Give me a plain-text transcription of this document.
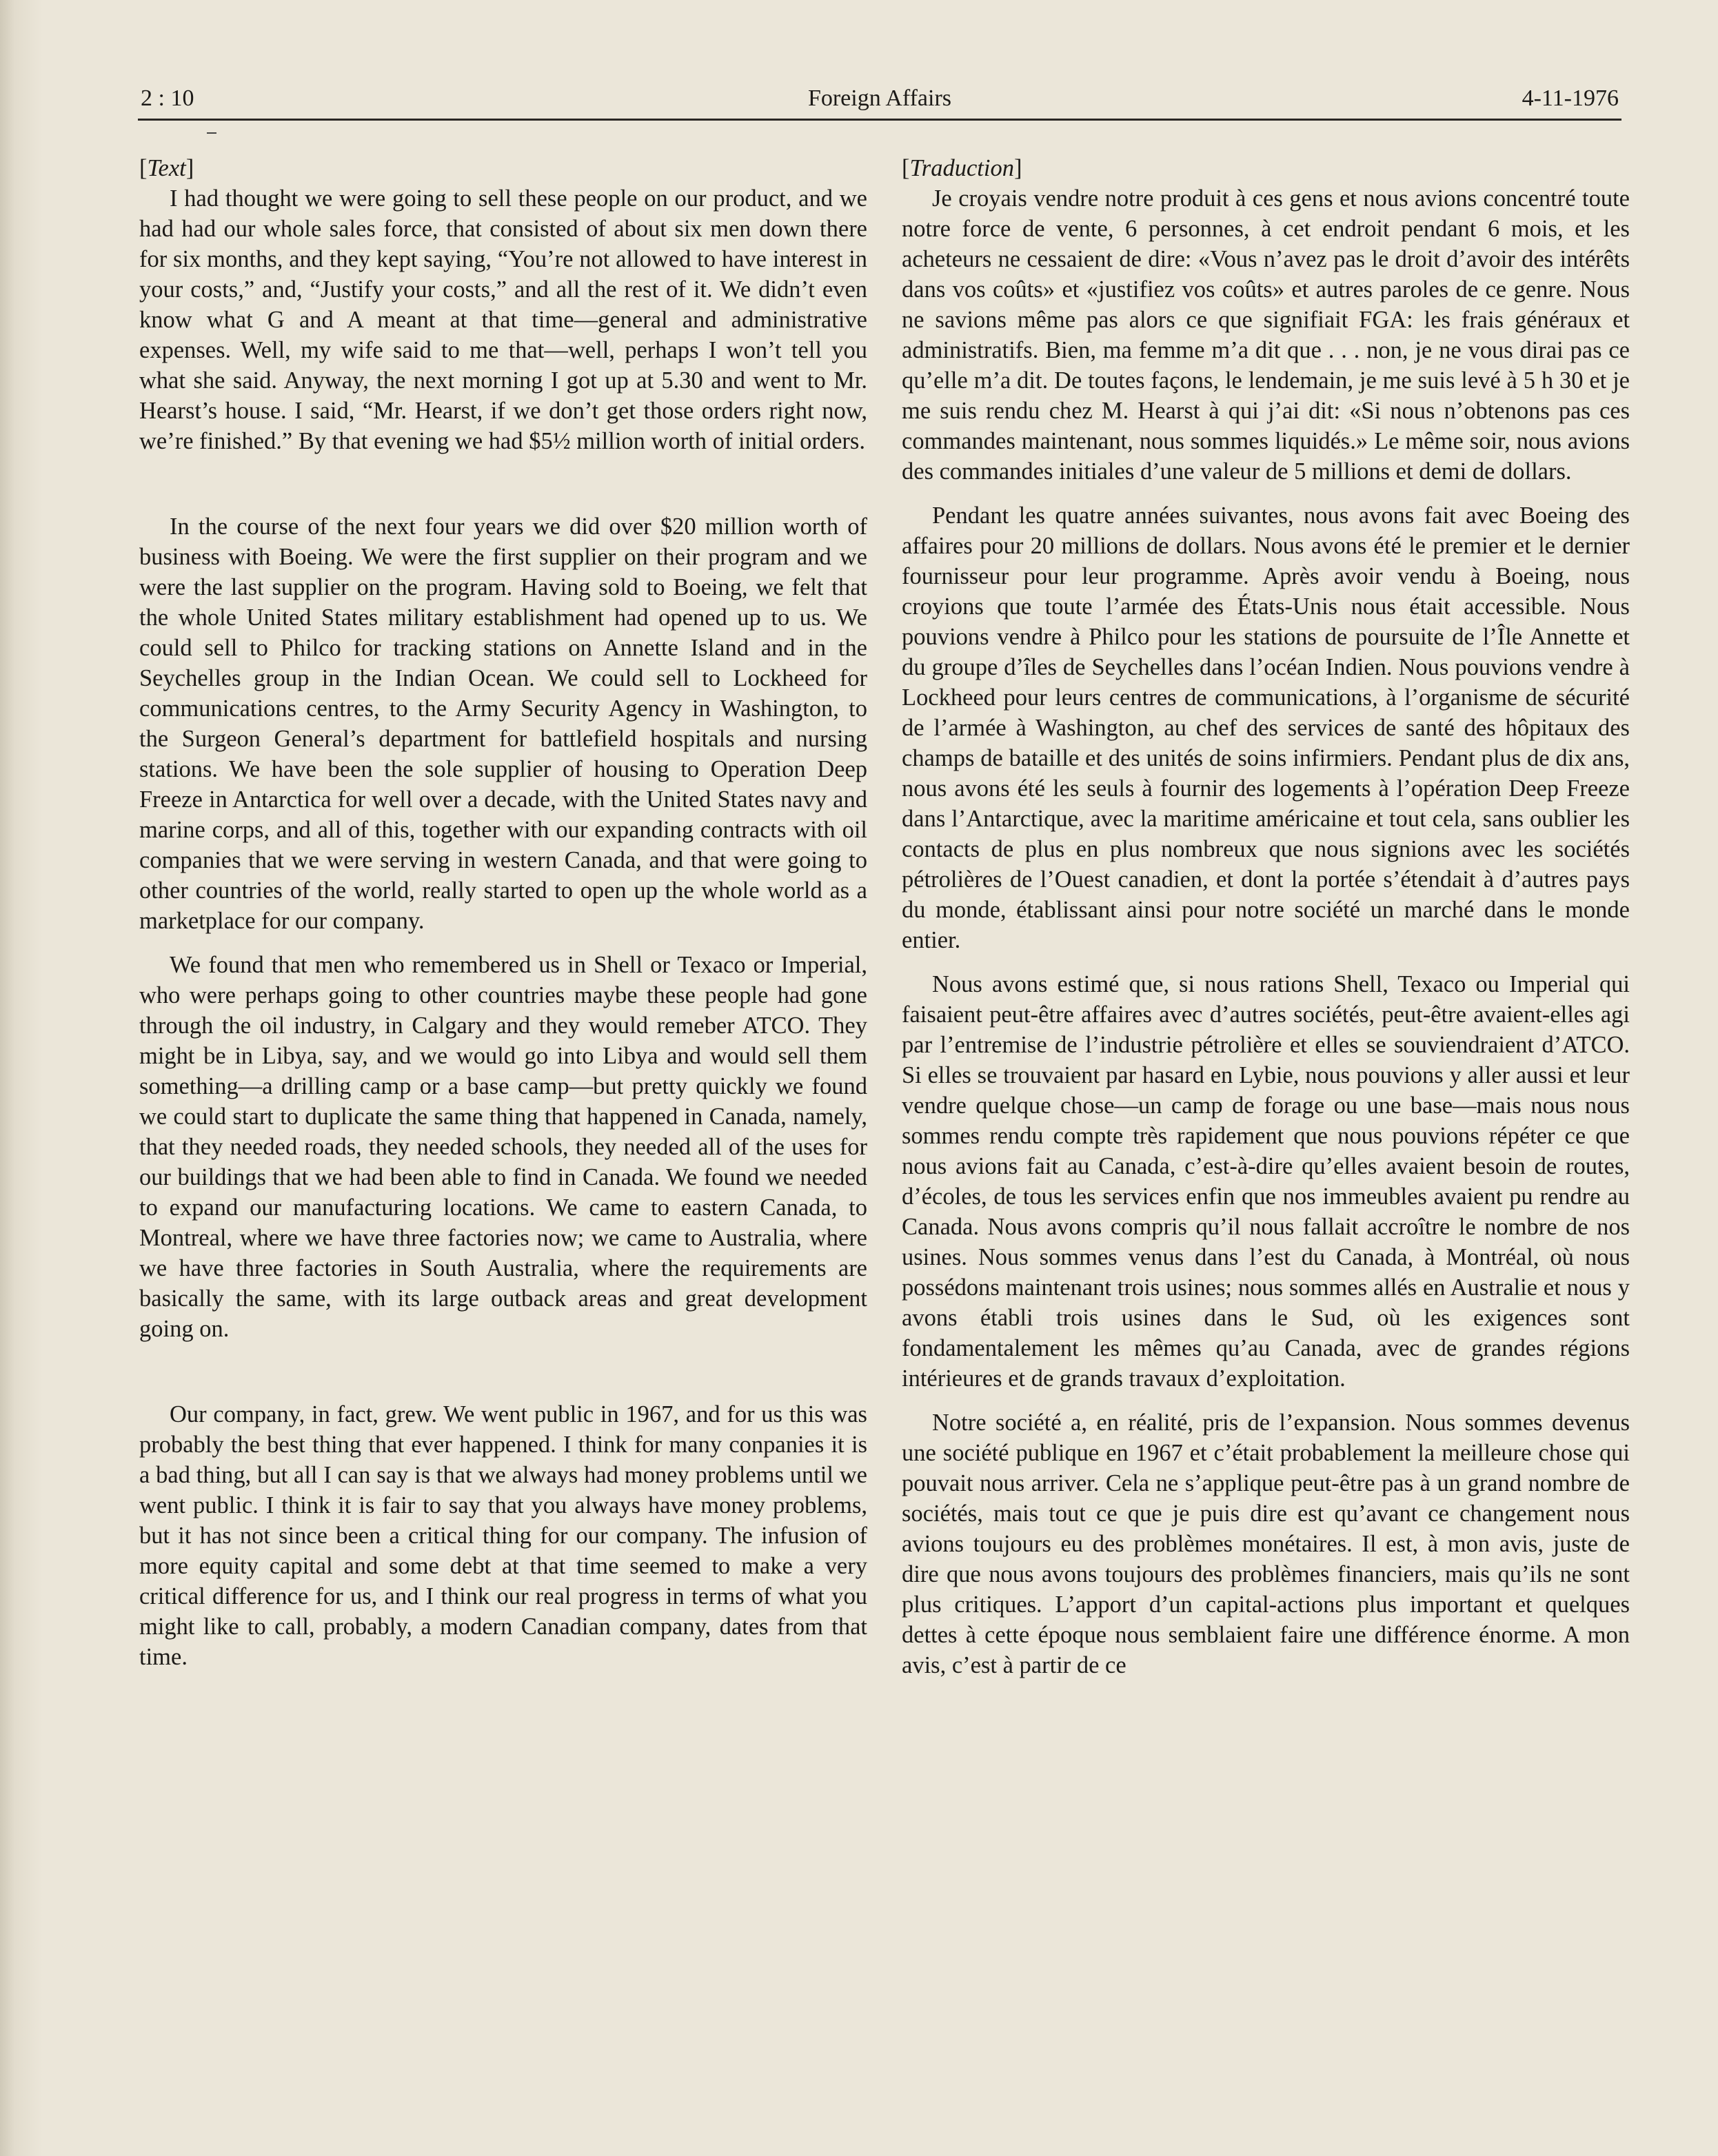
2 : 10	Foreign Affairs	4-11-1976

[Text]

I had thought we were going to sell these people on our product, and we had had our whole sales force, that consisted of about six men down there for six months, and they kept saying, “You’re not allowed to have interest in your costs,” and, “Justify your costs,” and all the rest of it. We didn’t even know what G and A meant at that time—general and administrative expenses. Well, my wife said to me that—well, perhaps I won’t tell you what she said. Anyway, the next morning I got up at 5.30 and went to Mr. Hearst’s house. I said, “Mr. Hearst, if we don’t get those orders right now, we’re finished.” By that evening we had $5½ million worth of initial orders.

In the course of the next four years we did over $20 million worth of business with Boeing. We were the first supplier on their program and we were the last supplier on the program. Having sold to Boeing, we felt that the whole United States military establishment had opened up to us. We could sell to Philco for tracking stations on Annette Island and in the Seychelles group in the Indian Ocean. We could sell to Lockheed for communications centres, to the Army Security Agency in Washington, to the Surgeon General’s department for battlefield hospitals and nursing stations. We have been the sole supplier of housing to Operation Deep Freeze in Antarctica for well over a decade, with the United States navy and marine corps, and all of this, together with our expanding contracts with oil companies that we were serving in western Canada, and that were going to other countries of the world, really started to open up the whole world as a marketplace for our company.

We found that men who remembered us in Shell or Texaco or Imperial, who were perhaps going to other countries maybe these people had gone through the oil industry, in Calgary and they would remeber ATCO. They might be in Libya, say, and we would go into Libya and would sell them something—a drilling camp or a base camp—but pretty quickly we found we could start to duplicate the same thing that happened in Canada, namely, that they needed roads, they needed schools, they needed all of the uses for our buildings that we had been able to find in Canada. We found we needed to expand our manufacturing locations. We came to eastern Canada, to Montreal, where we have three factories now; we came to Australia, where we have three factories in South Australia, where the requirements are basically the same, with its large outback areas and great development going on.

Our company, in fact, grew. We went public in 1967, and for us this was probably the best thing that ever happened. I think for many conpanies it is a bad thing, but all I can say is that we always had money problems until we went public. I think it is fair to say that you always have money problems, but it has not since been a critical thing for our company. The infusion of more equity capital and some debt at that time seemed to make a very critical difference for us, and I think our real progress in terms of what you might like to call, probably, a modern Canadian company, dates from that time.

[Traduction]

Je croyais vendre notre produit à ces gens et nous avions concentré toute notre force de vente, 6 personnes, à cet endroit pendant 6 mois, et les acheteurs ne cessaient de dire: «Vous n’avez pas le droit d’avoir des intérêts dans vos coûts» et «justifiez vos coûts» et autres paroles de ce genre. Nous ne savions même pas alors ce que signifiait FGA: les frais généraux et administratifs. Bien, ma femme m’a dit que . . . non, je ne vous dirai pas ce qu’elle m’a dit. De toutes façons, le lendemain, je me suis levé à 5 h 30 et je me suis rendu chez M. Hearst à qui j’ai dit: «Si nous n’obtenons pas ces commandes maintenant, nous sommes liquidés.» Le même soir, nous avions des commandes initiales d’une valeur de 5 millions et demi de dollars.

Pendant les quatre années suivantes, nous avons fait avec Boeing des affaires pour 20 millions de dollars. Nous avons été le premier et le dernier fournisseur pour leur programme. Après avoir vendu à Boeing, nous croyions que toute l’armée des États-Unis nous était accessible. Nous pouvions vendre à Philco pour les stations de poursuite de l’Île Annette et du groupe d’îles de Seychelles dans l’océan Indien. Nous pouvions vendre à Lockheed pour leurs centres de communications, à l’organisme de sécurité de l’armée à Washington, au chef des services de santé des hôpitaux des champs de bataille et des unités de soins infirmiers. Pendant plus de dix ans, nous avons été les seuls à fournir des logements à l’opération Deep Freeze dans l’Antarctique, avec la maritime américaine et tout cela, sans oublier les contacts de plus en plus nombreux que nous signions avec les sociétés pétrolières de l’Ouest canadien, et dont la portée s’étendait à d’autres pays du monde, établissant ainsi pour notre société un marché dans le monde entier.

Nous avons estimé que, si nous rations Shell, Texaco ou Imperial qui faisaient peut-être affaires avec d’autres sociétés, peut-être avaient-elles agi par l’entremise de l’industrie pétrolière et elles se souviendraient d’ATCO. Si elles se trouvaient par hasard en Lybie, nous pouvions y aller aussi et leur vendre quelque chose—un camp de forage ou une base—mais nous nous sommes rendu compte très rapidement que nous pouvions répéter ce que nous avions fait au Canada, c’est-à-dire qu’elles avaient besoin de routes, d’écoles, de tous les services enfin que nos immeubles avaient pu rendre au Canada. Nous avons compris qu’il nous fallait accroître le nombre de nos usines. Nous sommes venus dans l’est du Canada, à Montréal, où nous possédons maintenant trois usines; nous sommes allés en Australie et nous y avons établi trois usines dans le Sud, où les exigences sont fondamentalement les mêmes qu’au Canada, avec de grandes régions intérieures et de grands travaux d’exploitation.

Notre société a, en réalité, pris de l’expansion. Nous sommes devenus une société publique en 1967 et c’était probablement la meilleure chose qui pouvait nous arriver. Cela ne s’applique peut-être pas à un grand nombre de sociétés, mais tout ce que je puis dire est qu’avant ce changement nous avions toujours eu des problèmes monétaires. Il est, à mon avis, juste de dire que nous avons toujours des problèmes financiers, mais qu’ils ne sont plus critiques. L’apport d’un capital-actions plus important et quelques dettes à cette époque nous semblaient faire une différence énorme. A mon avis, c’est à partir de ce
